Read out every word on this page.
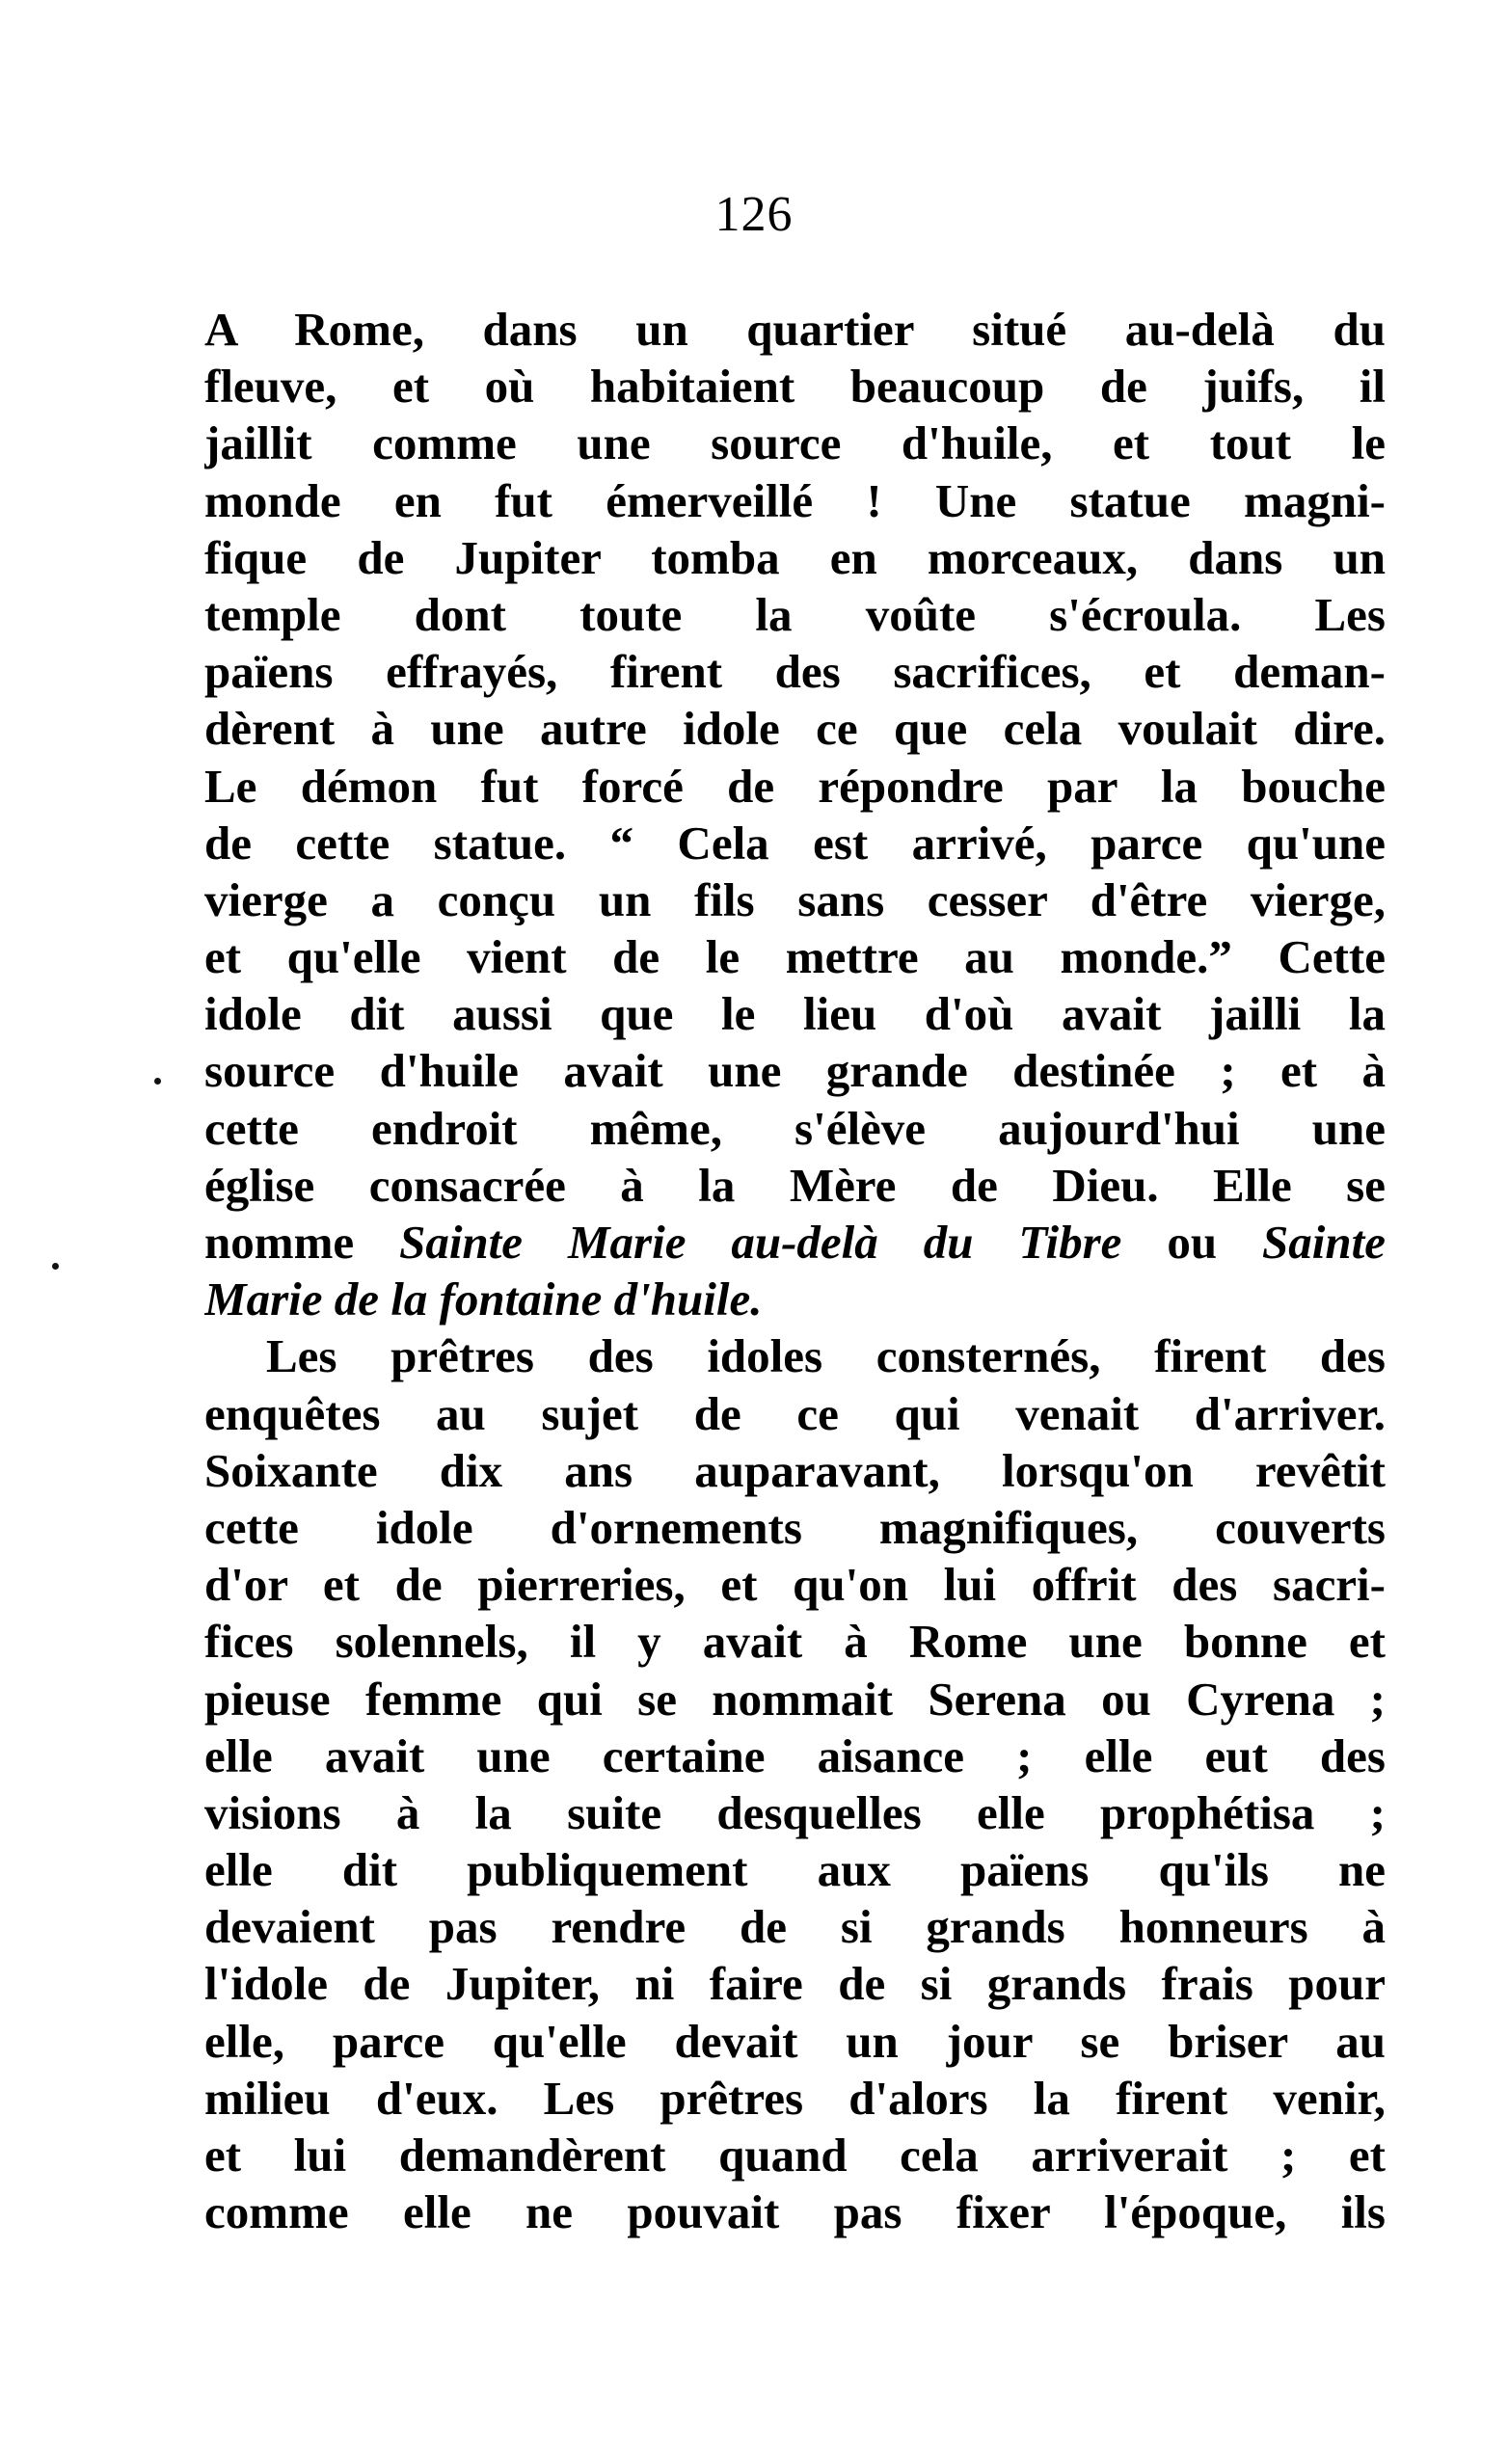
126
A Rome, dans un quartier situé au-delà du
fleuve, et où habitaient beaucoup de juifs, il
jaillit comme une source d'huile, et tout le
monde en fut émerveillé ! Une statue magni-
fique de Jupiter tomba en morceaux, dans un
temple dont toute la voûte s'écroula. Les
païens effrayés, firent des sacrifices, et deman-
dèrent à une autre idole ce que cela voulait dire.
Le démon fut forcé de répondre par la bouche
de cette statue. “ Cela est arrivé, parce qu'une
vierge a conçu un fils sans cesser d'être vierge,
et qu'elle vient de le mettre au monde.” Cette
idole dit aussi que le lieu d'où avait jailli la
source d'huile avait une grande destinée ; et à
cette endroit même, s'élève aujourd'hui une
église consacrée à la Mère de Dieu. Elle se
nomme Sainte Marie au-delà du Tibre ou Sainte
Marie de la fontaine d'huile.
Les prêtres des idoles consternés, firent des
enquêtes au sujet de ce qui venait d'arriver.
Soixante dix ans auparavant, lorsqu'on revêtit
cette idole d'ornements magnifiques, couverts
d'or et de pierreries, et qu'on lui offrit des sacri-
fices solennels, il y avait à Rome une bonne et
pieuse femme qui se nommait Serena ou Cyrena ;
elle avait une certaine aisance ; elle eut des
visions à la suite desquelles elle prophétisa ;
elle dit publiquement aux païens qu'ils ne
devaient pas rendre de si grands honneurs à
l'idole de Jupiter, ni faire de si grands frais pour
elle, parce qu'elle devait un jour se briser au
milieu d'eux. Les prêtres d'alors la firent venir,
et lui demandèrent quand cela arriverait ; et
comme elle ne pouvait pas fixer l'époque, ils
